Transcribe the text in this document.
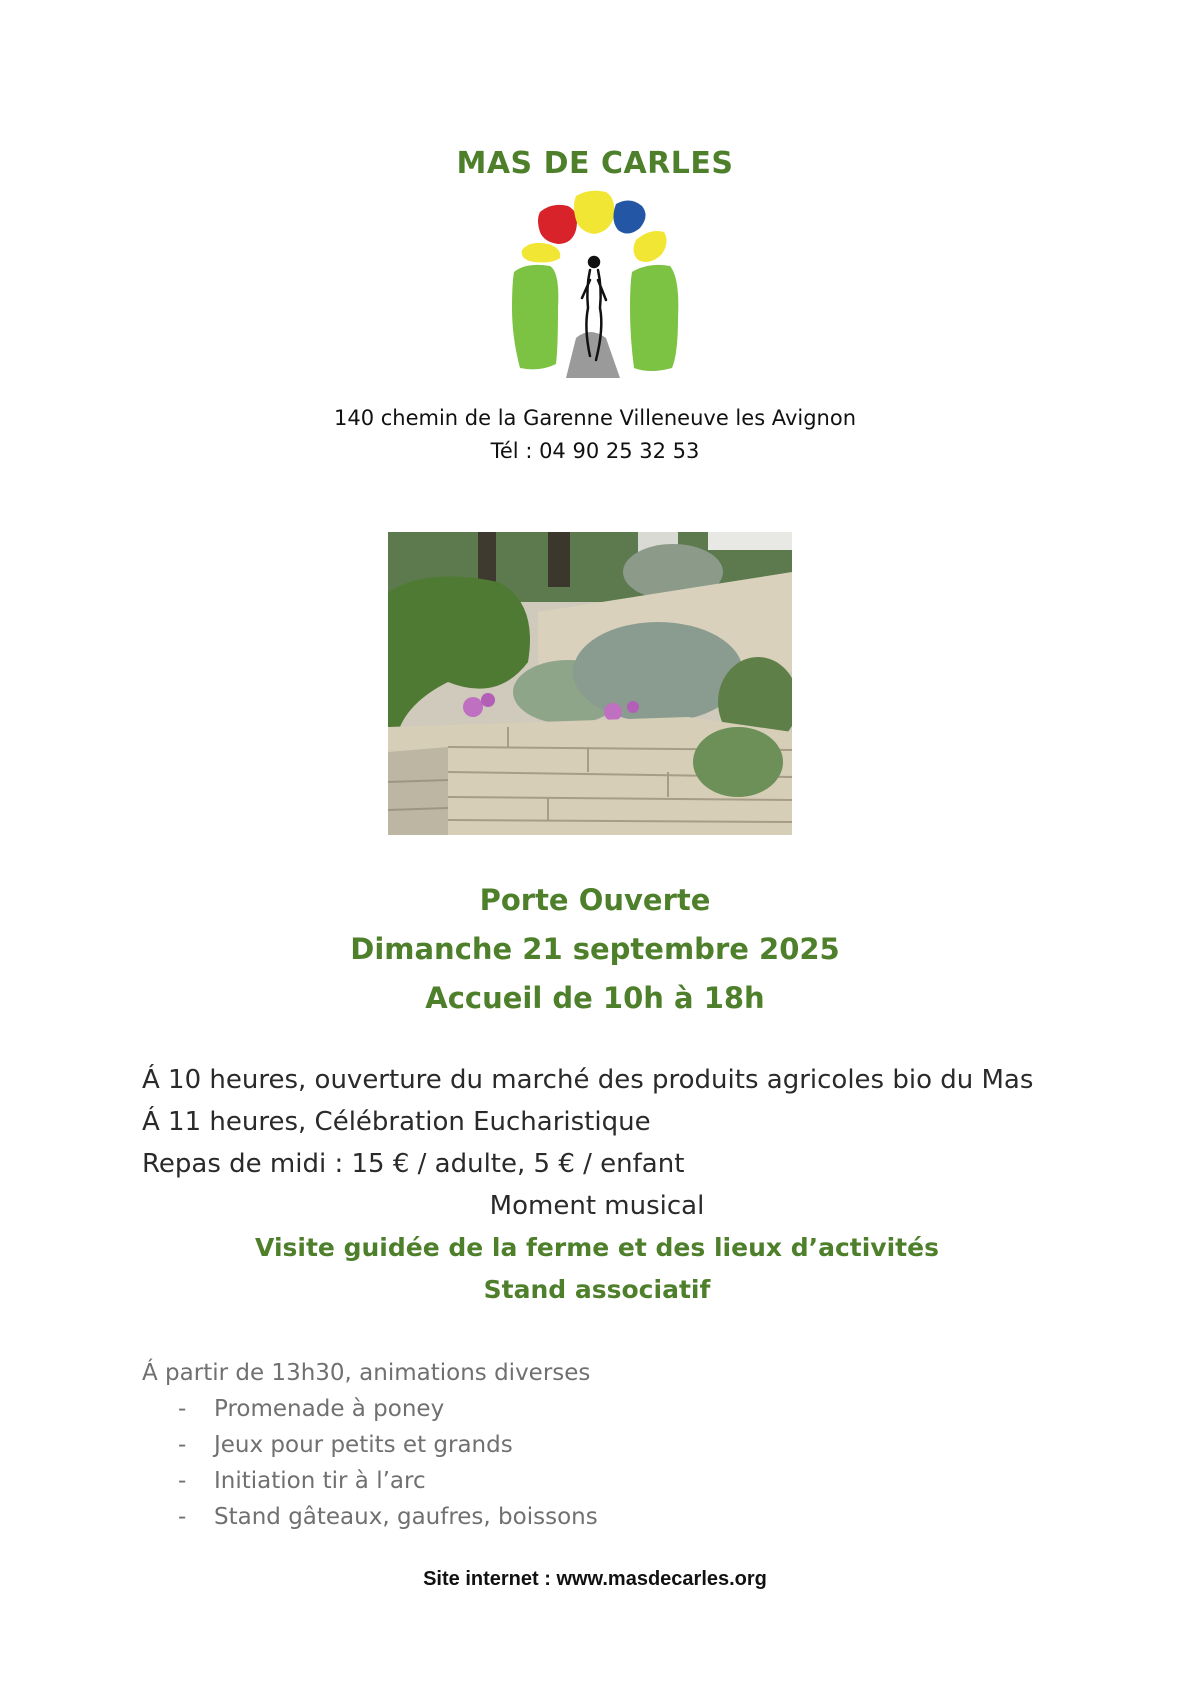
MAS DE CARLES
140 chemin de la Garenne Villeneuve les Avignon
Tél : 04 90 25 32 53
Porte Ouverte
Dimanche 21 septembre 2025
Accueil de 10h à 18h
Á 10 heures, ouverture du marché des produits agricoles bio du Mas
Á 11 heures, Célébration Eucharistique
Repas de midi : 15 € / adulte, 5 € / enfant
Moment musical
Visite guidée de la ferme et des lieux d’activités
Stand associatif
Á partir de 13h30, animations diverses
- Promenade à poney
- Jeux pour petits et grands
- Initiation tir à l’arc
- Stand gâteaux, gaufres, boissons
Site internet : www.masdecarles.org
